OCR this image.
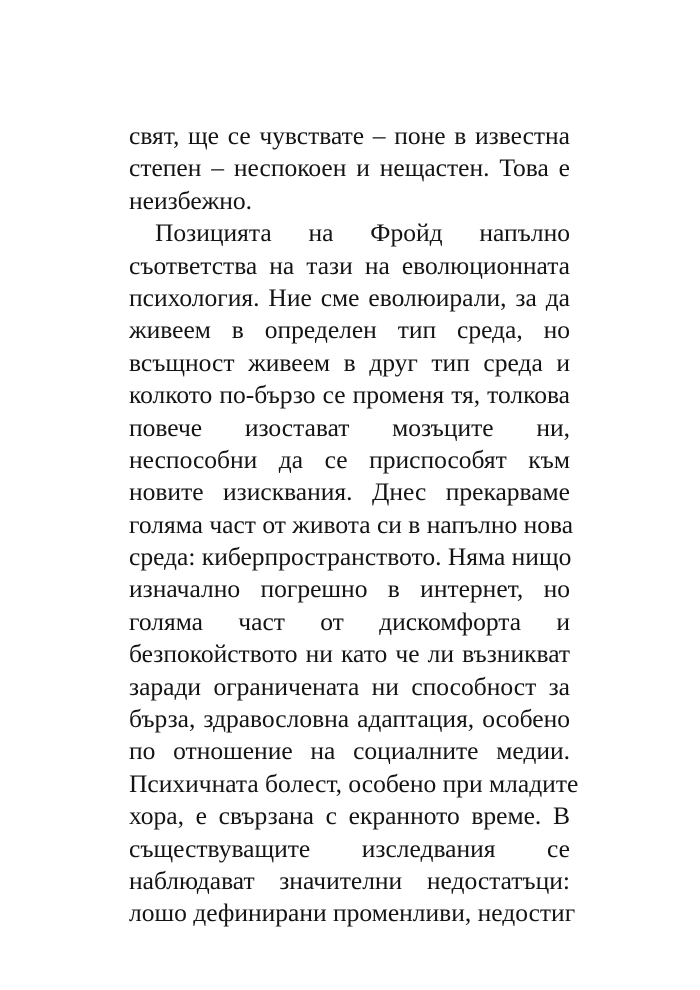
свят, ще се чувствате – поне в известна
степен – неспокоен и нещастен. Това е
неизбежно.
Позицията на Фройд напълно
съответства на тази на еволюционната
психология. Ние сме еволюирали, за да
живеем в определен тип среда, но
всъщност живеем в друг тип среда и
колкото по-бързо се променя тя, толкова
повече изостават мозъците ни,
неспособни да се приспособят към
новите изисквания. Днес прекарваме
голяма част от живота си в напълно нова
среда: киберпространството. Няма нищо
изначално погрешно в интернет, но
голяма част от дискомфорта и
безпокойството ни като че ли възникват
заради ограничената ни способност за
бърза, здравословна адаптация, особено
по отношение на социалните медии.
Психичната болест, особено при младите
хора, е свързана с екранното време. В
съществуващите изследвания се
наблюдават значителни недостатъци:
лошо дефинирани променливи, недостиг
